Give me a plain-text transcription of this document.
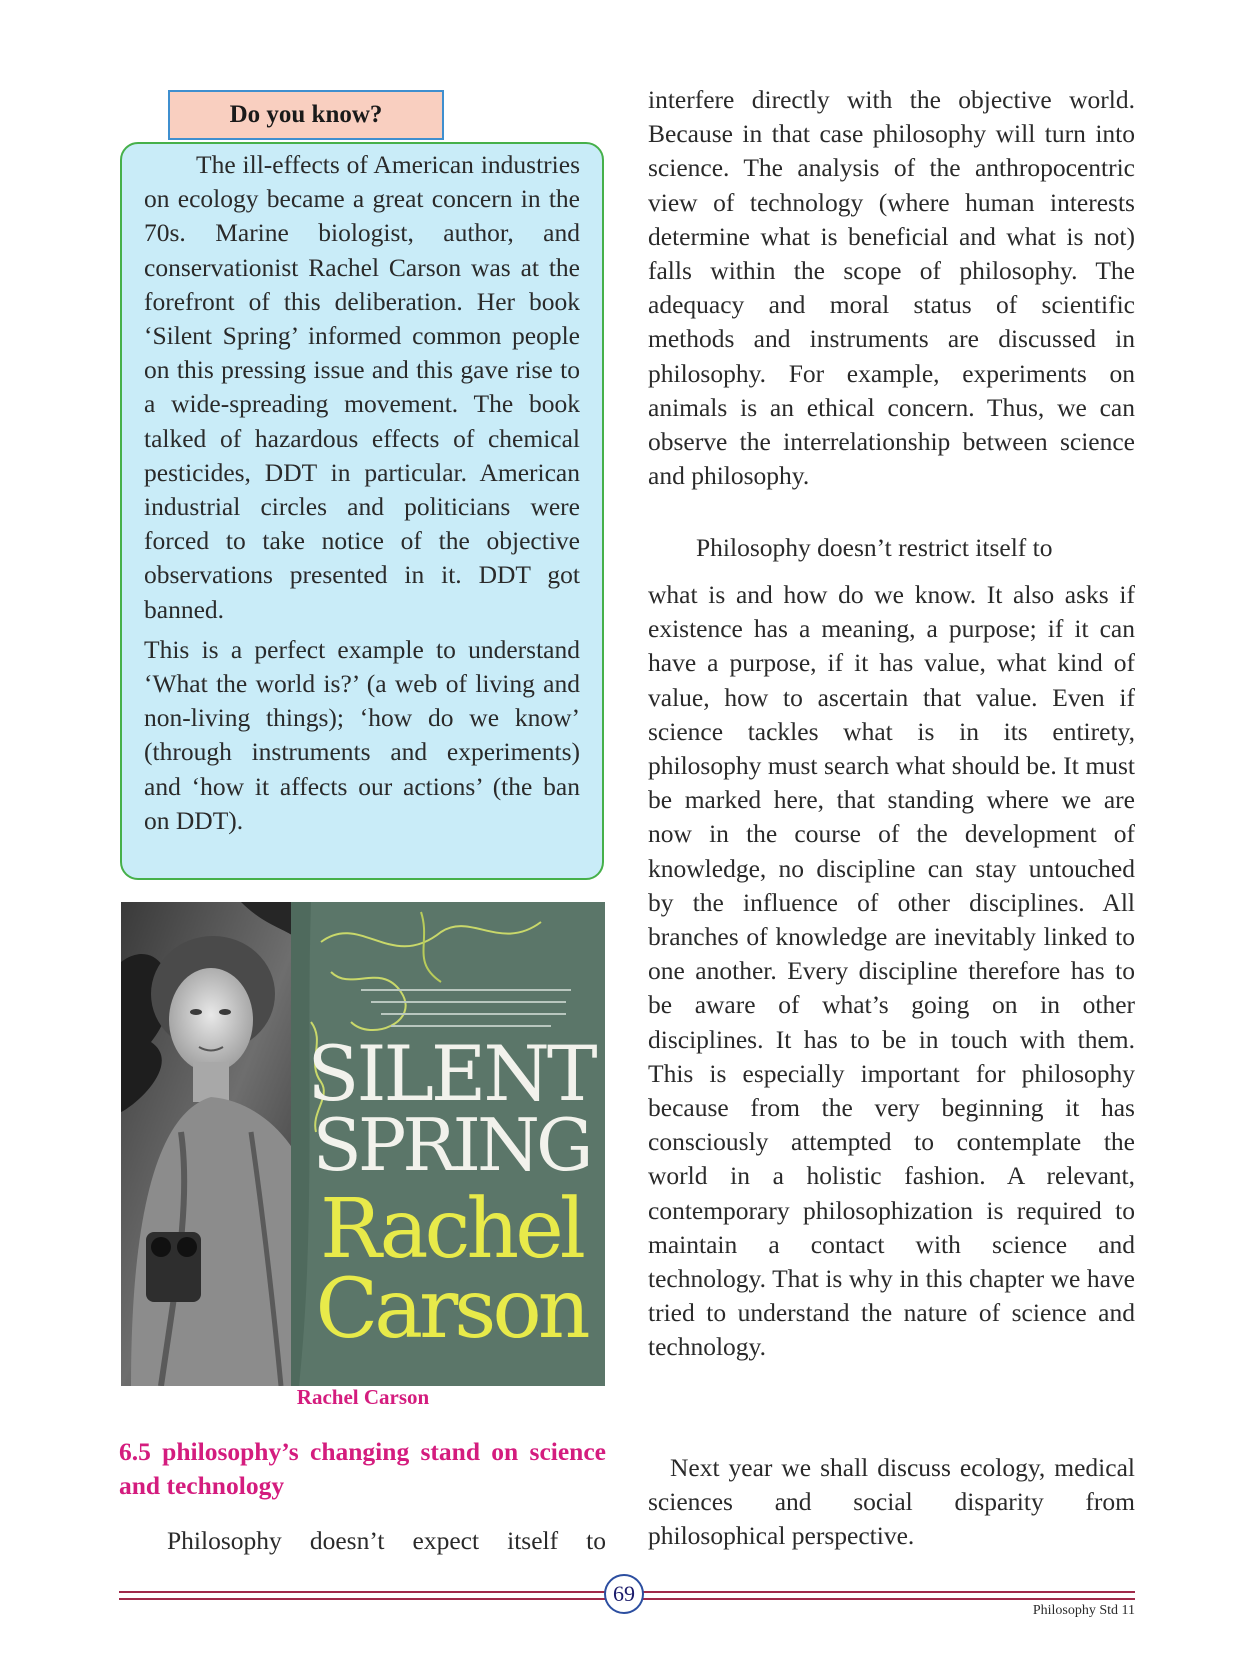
Do you know?

The ill-effects of American industries on ecology became a great concern in the 70s. Marine biologist, author, and conservationist Rachel Carson was at the forefront of this deliberation. Her book ‘Silent Spring’ informed common people on this pressing issue and this gave rise to a wide-spreading movement. The book talked of hazardous effects of chemical pesticides, DDT in particular. American industrial circles and politicians were forced to take notice of the objective observations presented in it. DDT got banned.

This is a perfect example to understand ‘What the world is?’ (a web of living and non-living things); ‘how do we know’ (through instruments and experiments) and ‘how it affects our actions’ (the ban on DDT).

SILENT
SPRING
Rachel
Carson
Rachel Carson

6.5 philosophy’s changing stand on science and technology

Philosophy doesn’t expect itself to

interfere directly with the objective world. Because in that case philosophy will turn into science. The analysis of the anthropocentric view of technology (where human interests determine what is beneficial and what is not) falls within the scope of philosophy. The adequacy and moral status of scientific methods and instruments are discussed in philosophy. For example, experiments on animals is an ethical concern. Thus, we can observe the interrelationship between science and philosophy.

Philosophy doesn’t restrict itself to

what is and how do we know. It also asks if existence has a meaning, a purpose; if it can have a purpose, if it has value, what kind of value, how to ascertain that value. Even if science tackles what is in its entirety, philosophy must search what should be. It must be marked here, that standing where we are now in the course of the development of knowledge, no discipline can stay untouched by the influence of other disciplines. All branches of knowledge are inevitably linked to one another. Every discipline therefore has to be aware of what’s going on in other disciplines. It has to be in touch with them. This is especially important for philosophy because from the very beginning it has consciously attempted to contemplate the world in a holistic fashion. A relevant, contemporary philosophization is required to maintain a contact with science and technology. That is why in this chapter we have tried to understand the nature of science and technology.

Next year we shall discuss ecology, medical sciences and social disparity from philosophical perspective.

69
Philosophy Std 11
